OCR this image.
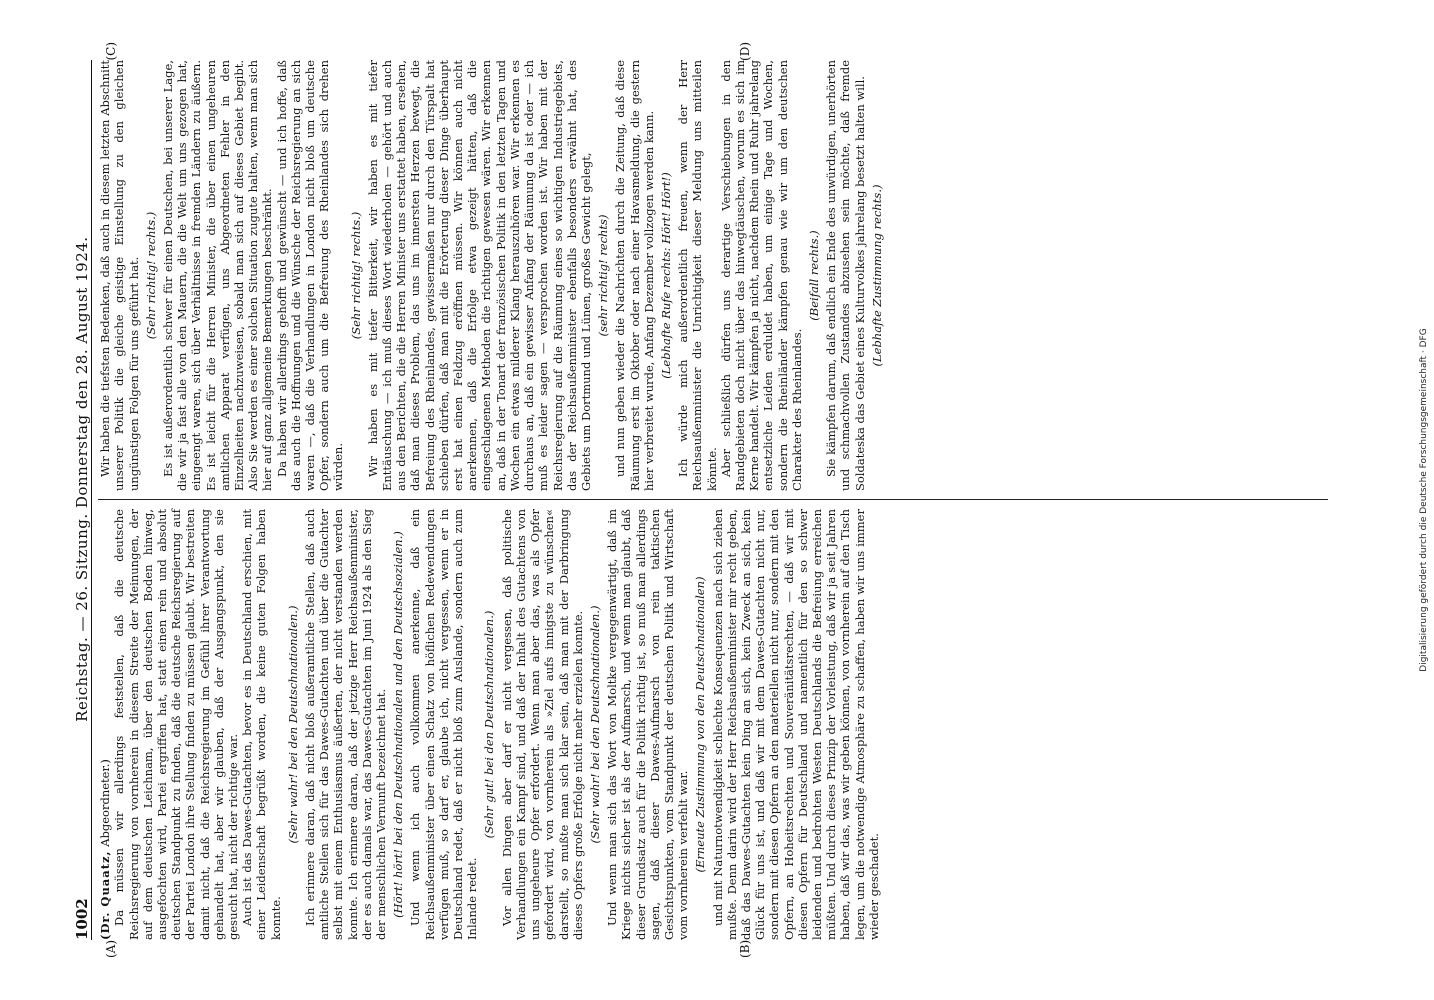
1002
Reichstag. — 26. Sitzung. Donnerstag den 28. August 1924.
(A)	(B)
(C)	(D)

(Dr. Quaatz, Abgeordneter.) Da müssen wir allerdings feststellen, daß die deutsche Reichsregierung von vornherein in diesem Streite der Meinungen, der auf dem deutschen Leichnam, über den deutschen Boden hinweg, ausgefochten wird, Partei ergriffen hat, statt einen rein und absolut deutschen Standpunkt zu finden, daß die deutsche Reichsregierung auf der Partei London ihre Stellung finden zu müssen glaubt. Wir bestreiten damit nicht, daß die Reichsregierung im Gefühl ihrer Verantwortung gehandelt hat, aber wir glauben, daß der Ausgangspunkt, den sie gesucht hat, nicht der richtige war. Auch ist das Dawes-Gutachten, bevor es in Deutschland erschien, mit einer Leidenschaft begrüßt worden, die keine guten Folgen haben konnte.

(Sehr wahr! bei den Deutschnationalen.) Ich erinnere daran, daß nicht bloß außeramtliche Stellen, daß auch amtliche Stellen sich für das Dawes-Gutachten und über die Gutachter selbst mit einem Enthusiasmus äußerten, der nicht verstanden werden konnte. Ich erinnere daran, daß der jetzige Herr Reichsaußenminister, der es auch damals war, das Dawes-Gutachten im Juni 1924 als den Sieg der menschlichen Vernunft bezeichnet hat. (Hört! hört! bei den Deutschnationalen und den Deutschsozialen.) Und wenn ich auch vollkommen anerkenne, daß ein Reichsaußenminister über einen Schatz von höflichen Redewendungen verfügen muß, so darf er, glaube ich, nicht vergessen, wenn er in Deutschland redet, daß er nicht bloß zum Auslande, sondern auch zum Inlande redet.

(Sehr gut! bei den Deutschnationalen.) Vor allen Dingen aber darf er nicht vergessen, daß politische Verhandlungen ein Kampf sind, und daß der Inhalt des Gutachtens von uns ungeheure Opfer erfordert. Wenn man aber das, was als Opfer gefordert wird, von vornherein als »Ziel aufs innigste zu wünschen« darstellt, so mußte man sich klar sein, daß man mit der Darbringung dieses Opfers große Erfolge nicht mehr erzielen konnte. (Sehr wahr! bei den Deutschnationalen.) Und wenn man sich das Wort von Moltke vergegenwärtigt, daß im Kriege nichts sicher ist als der Aufmarsch, und wenn man glaubt, daß dieser Grundsatz auch für die Politik richtig ist, so muß man allerdings sagen, daß dieser Dawes-Aufmarsch von rein taktischen Gesichtspunkten, vom Standpunkt der deutschen Politik und Wirtschaft vom vornherein verfehlt war. (Erneute Zustimmung von den Deutschnationalen) und mit Naturnotwendigkeit schlechte Konsequenzen nach sich ziehen mußte. Denn darin wird der Herr Reichsaußenminister mir recht geben, daß das Dawes-Gutachten kein Ding an sich, kein Zweck an sich, kein Glück für uns ist, und daß wir mit dem Dawes-Gutachten nicht nur, sondern mit diesen Opfern an den materiellen nicht nur, sondern mit den Opfern, an Hoheitsrechten und Souveränitätsrechten, — daß wir mit diesen Opfern für Deutschland und namentlich für den so schwer leidenden und bedrohten Westen Deutschlands die Befreiung erreichen müßten. Und durch dieses Prinzip der Vorleistung, daß wir ja seit Jahren haben, daß wir das, was wir geben können, von vornherein auf den Tisch legen, um die notwendige Atmosphäre zu schaffen, haben wir uns immer wieder geschadet.

Wir haben die tiefsten Bedenken, daß auch in diesem letzten Abschnitt unserer Politik die gleiche geistige Einstellung zu den gleichen ungünstigen Folgen für uns geführt hat. (Sehr richtig! rechts.) Es ist außerordentlich schwer für einen Deutschen, bei unserer Lage, die wir ja fast alle von den Mauern, die die Welt um uns gezogen hat, eingeengt waren, sich über Verhältnisse in fremden Ländern zu äußern. Es ist leicht für die Herren Minister, die über einen ungeheuren amtlichen Apparat verfügen, uns Abgeordneten Fehler in den Einzelheiten nachzuweisen, sobald man sich auf dieses Gebiet begibt. Also Sie werden es einer solchen Situation zugute halten, wenn man sich hier auf ganz allgemeine Bemerkungen beschränkt. Da haben wir allerdings gehofft und gewünscht — und ich hoffe, daß das auch die Hoffnungen und die Wünsche der Reichsregierung an sich waren —, daß die Verhandlungen in London nicht bloß um deutsche Opfer, sondern auch um die Befreiung des Rheinlandes sich drehen würden.

(Sehr richtig! rechts.) Wir haben es mit tiefer Bitterkeit, wir haben es mit tiefer Enttäuschung — ich muß dieses Wort wiederholen — gehört und auch aus den Berichten, die die Herren Minister uns erstattet haben, ersehen, daß man dieses Problem, das uns im innersten Herzen bewegt, die Befreiung des Rheinlandes, gewissermaßen nur durch den Türspalt hat schieben dürfen, daß man mit die Erörterung dieser Dinge überhaupt erst hat einen Feldzug eröffnen müssen. Wir können auch nicht anerkennen, daß die Erfolge etwa gezeigt hätten, daß die eingeschlagenen Methoden die richtigen gewesen wären. Wir erkennen an, daß in der Tonart der französischen Politik in den letzten Tagen und Wochen ein etwas milderer Klang herauszuhören war. Wir erkennen es durchaus an, daß ein gewisser Anfang der Räumung da ist oder — ich muß es leider sagen — versprochen worden ist. Wir haben mit der Reichsregierung auf die Räumung eines so wichtigen Industriegebiets, das der Reichsaußenminister ebenfalls besonders erwähnt hat, des Gebiets um Dortmund und Lünen, großes Gewicht gelegt, (sehr richtig! rechts) und nun geben wieder die Nachrichten durch die Zeitung, daß diese Räumung erst im Oktober oder nach einer Havasmeldung, die gestern hier verbreitet wurde, Anfang Dezember vollzogen werden kann. (Lebhafte Rufe rechts: Hört! Hört!) Ich würde mich außerordentlich freuen, wenn der Herr Reichsaußenminister die Unrichtigkeit dieser Meldung uns mitteilen könnte. Aber schließlich dürfen uns derartige Verschiebungen in den Randgebieten doch nicht über das hinwegtäuschen, worum es sich im Kerne handelt. Wir kämpfen ja nicht, nachdem Rhein und Ruhr jahrelang entsetzliche Leiden erduldet haben, um einige Tage und Wochen, sondern die Rheinländer kämpfen genau wie wir um den deutschen Charakter des Rheinlandes.

(Beifall rechts.) Sie kämpfen darum, daß endlich ein Ende des unwürdigen, unerhörten und schmachvollen Zustandes abzusehen sein möchte, daß fremde Soldateska das Gebiet eines Kulturvolkes jahrelang besetzt halten will. (Lebhafte Zustimmung rechts.)

Digitalisierung gefördert durch die Deutsche Forschungsgemeinschaft · DFG
